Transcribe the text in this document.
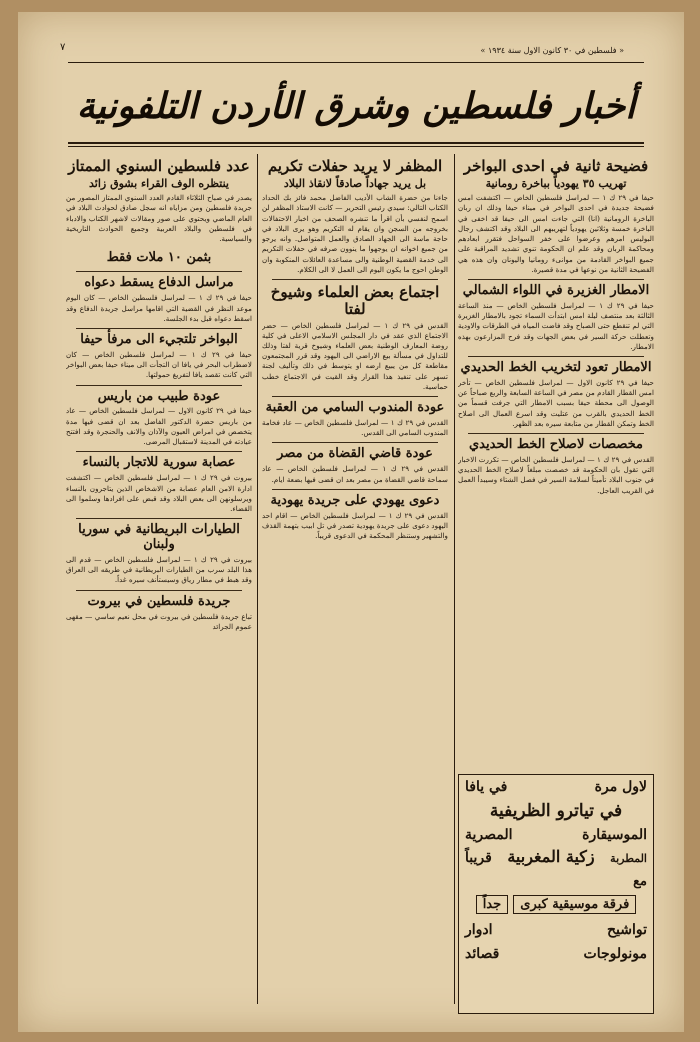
٧	« فلسطين في ٣٠ كانون الاول سنة ١٩٣٤ »
أخبار فلسطين وشرق الأردن التلفونية
فضيحة ثانية في احدى البواخر
تهريب ٣٥ يهودياً بباخرة رومانية

حيفا في ٢٩ ك ١ — لمراسل فلسطين الخاص — اكتشفت امس فضيحة جديدة في احدى البواخر في ميناء حيفا وذلك ان ربان الباخرة الرومانية (انا) التي جاءت امس الى حيفا قد اخفى في الباخرة خمسة وثلاثين يهودياً لتهريبهم الى البلاد وقد اكتشف رجال البوليس امرهم وعرضوا على خفر السواحل فتقرر ابعادهم ومحاكمة الربان وقد علم ان الحكومة تنوي تشديد المراقبة على جميع البواخر القادمة من موانىء رومانيا واليونان وان هذه هي الفضيحة الثانية من نوعها في مدة قصيرة.

الامطار الغزيرة في اللواء الشمالي

حيفا في ٢٩ ك ١ — لمراسل فلسطين الخاص — منذ الساعة الثالثة بعد منتصف ليلة امس ابتدأت السماء تجود بالامطار الغزيرة التي لم تنقطع حتى الصباح وقد فاضت المياه في الطرقات والاودية وتعطلت حركة السير في بعض الجهات وقد فرح المزارعون بهذه الامطار.

الامطار تعود لتخريب الخط الحديدي

حيفا في ٢٩ كانون الاول — لمراسل فلسطين الخاص — تأخر امس القطار القادم من مصر في الساعة السابعة والربع صباحاً عن الوصول الى محطة حيفا بسبب الامطار التي جرفت قسماً من الخط الحديدي بالقرب من عتليت وقد اسرع العمال الى اصلاح الخط وتمكن القطار من متابعة سيره بعد الظهر.

مخصصات لاصلاح الخط الحديدي

القدس في ٢٩ ك ١ — لمراسل فلسطين الخاص — تكررت الاخبار التي تقول بان الحكومة قد خصصت مبلغاً لاصلاح الخط الحديدي في جنوب البلاد تأميناً لسلامة السير في فصل الشتاء وسيبدأ العمل في القريب العاجل.

لاول مرة
في يافا
في تياترو الظريفية
الموسيقارة
المصرية
المطربة
زكية المغربية
قريباً
مع
فرقة موسيقية كبرى جداً
تواشيح
ادوار
مونولوجات
قصائد
المظفر لا يريد حفلات تكريم
بل يريد جهاداً صادقاً لانقاذ البلاد

جاءنا من حضرة الشاب الأديب الفاضل محمد فائز بك الحداد الكتاب التالي: سيدي رئيس التحرير — كانت الاستاذ المظفر لن اسمح لنفسي بأن اقرأ ما تنشره الصحف من اخبار الاحتفالات بخروجه من السجن وان يقام له التكريم وهو يرى البلاد في حاجة ماسة الى الجهاد الصادق والعمل المتواصل. وانه يرجو من جميع اخوانه ان يوجهوا ما ينوون صرفه في حفلات التكريم الى خدمة القضية الوطنية والى مساعدة العائلات المنكوبة وان الوطن احوج ما يكون اليوم الى العمل لا الى الكلام.

اجتماع بعض العلماء وشيوخ لفتا

القدس في ٢٩ ك ١ — لمراسل فلسطين الخاص — حضر الاجتماع الذي عقد في دار المجلس الاسلامي الاعلى في كلية روضة المعارف الوطنية بعض العلماء وشيوخ قرية لفتا وذلك للتداول في مسألة بيع الاراضي الى اليهود وقد قرر المجتمعون مقاطعة كل من يبيع ارضه او يتوسط في ذلك وتأليف لجنة تسهر على تنفيذ هذا القرار وقد القيت في الاجتماع خطب حماسية.

عودة المندوب السامي من العقبة

القدس في ٢٩ ك ١ — لمراسل فلسطين الخاص — عاد فخامة المندوب السامي الى القدس.

عودة قاضي القضاة من مصر

القدس في ٢٩ ك ١ — لمراسل فلسطين الخاص — عاد سماحة قاضي القضاة من مصر بعد ان قضى فيها بضعة ايام.

دعوى يهودي على جريدة يهودية

القدس في ٢٩ ك ١ — لمراسل فلسطين الخاص — اقام احد اليهود دعوى على جريدة يهودية تصدر في تل ابيب بتهمة القذف والتشهير وستنظر المحكمة في الدعوى قريباً.

عدد فلسطين السنوي الممتاز
ينتظره الوف القراء بشوق زائد

يصدر في صباح الثلاثاء القادم العدد السنوي الممتاز المصور من جريدة فلسطين ومن مزاياه انه سجل صادق لحوادث البلاد في العام الماضي ويحتوي على صور ومقالات لاشهر الكتاب والادباء في فلسطين والبلاد العربية وجميع الحوادث التاريخية والسياسية.

بثمن ١٠ ملات فقط
مراسل الدفاع يسقط دعواه

حيفا في ٢٩ ك ١ — لمراسل فلسطين الخاص — كان اليوم موعد النظر في القضية التي اقامها مراسل جريدة الدفاع وقد اسقط دعواه قبل بدء الجلسة.

البواخر تلتجيء الى مرفأ حيفا

حيفا في ٢٩ ك ١ — لمراسل فلسطين الخاص — كان لاضطراب البحر في يافا ان التجأت الى ميناء حيفا بعض البواخر التي كانت تقصد يافا لتفريغ حمولتها.

عودة طبيب من باريس

حيفا في ٢٩ كانون الاول — لمراسل فلسطين الخاص — عاد من باريس حضرة الدكتور الفاضل بعد ان قضى فيها مدة يتخصص في امراض العيون والآذان والانف والحنجرة وقد افتتح عيادته في المدينة لاستقبال المرضى.

عصابة سورية للاتجار بالنساء

بيروت في ٢٩ ك ١ — لمراسل فلسطين الخاص — اكتشفت ادارة الامن العام عصابة من الاشخاص الذين يتاجرون بالنساء ويرسلونهن الى بعض البلاد وقد قبض على افرادها وسلموا الى القضاء.

الطيارات البريطانية في سوريا ولبنان

بيروت في ٢٩ ك ١ — لمراسل فلسطين الخاص — قدم الى هذا البلد سرب من الطيارات البريطانية في طريقه الى العراق وقد هبط في مطار رياق وسيستأنف سيره غداً.

جريدة فلسطين في بيروت

تباع جريدة فلسطين في بيروت في محل نعيم ساسي — مقهى عموم الجرائد
